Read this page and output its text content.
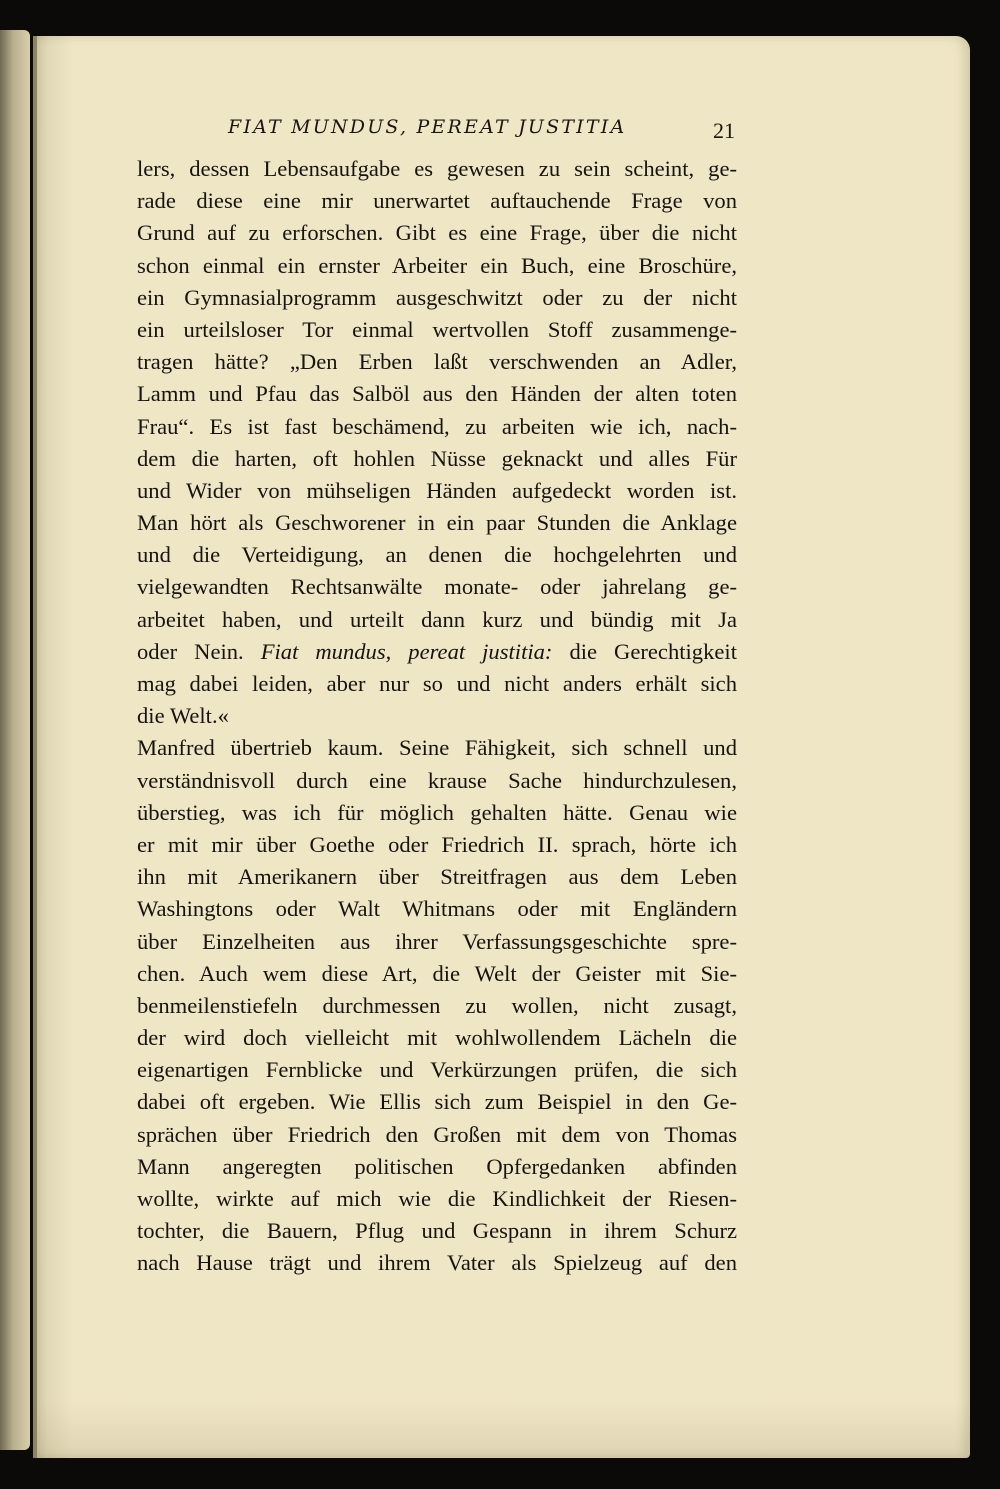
FIAT MUNDUS, PEREAT JUSTITIA	21
lers, dessen Lebensaufgabe es gewesen zu sein scheint, ge-
rade diese eine mir unerwartet auftauchende Frage von
Grund auf zu erforschen. Gibt es eine Frage, über die nicht
schon einmal ein ernster Arbeiter ein Buch, eine Broschüre,
ein Gymnasialprogramm ausgeschwitzt oder zu der nicht
ein urteilsloser Tor einmal wertvollen Stoff zusammenge-
tragen hätte? „Den Erben laßt verschwenden an Adler,
Lamm und Pfau das Salböl aus den Händen der alten toten
Frau“. Es ist fast beschämend, zu arbeiten wie ich, nach-
dem die harten, oft hohlen Nüsse geknackt und alles Für
und Wider von mühseligen Händen aufgedeckt worden ist.
Man hört als Geschworener in ein paar Stunden die Anklage
und die Verteidigung, an denen die hochgelehrten und
vielgewandten Rechtsanwälte monate- oder jahrelang ge-
arbeitet haben, und urteilt dann kurz und bündig mit Ja
oder Nein. Fiat mundus, pereat justitia: die Gerechtigkeit
mag dabei leiden, aber nur so und nicht anders erhält sich
die Welt.«
Manfred übertrieb kaum. Seine Fähigkeit, sich schnell und
verständnisvoll durch eine krause Sache hindurchzulesen,
überstieg, was ich für möglich gehalten hätte. Genau wie
er mit mir über Goethe oder Friedrich II. sprach, hörte ich
ihn mit Amerikanern über Streitfragen aus dem Leben
Washingtons oder Walt Whitmans oder mit Engländern
über Einzelheiten aus ihrer Verfassungsgeschichte spre-
chen. Auch wem diese Art, die Welt der Geister mit Sie-
benmeilenstiefeln durchmessen zu wollen, nicht zusagt,
der wird doch vielleicht mit wohlwollendem Lächeln die
eigenartigen Fernblicke und Verkürzungen prüfen, die sich
dabei oft ergeben. Wie Ellis sich zum Beispiel in den Ge-
sprächen über Friedrich den Großen mit dem von Thomas
Mann angeregten politischen Opfergedanken abfinden
wollte, wirkte auf mich wie die Kindlichkeit der Riesen-
tochter, die Bauern, Pflug und Gespann in ihrem Schurz
nach Hause trägt und ihrem Vater als Spielzeug auf den
